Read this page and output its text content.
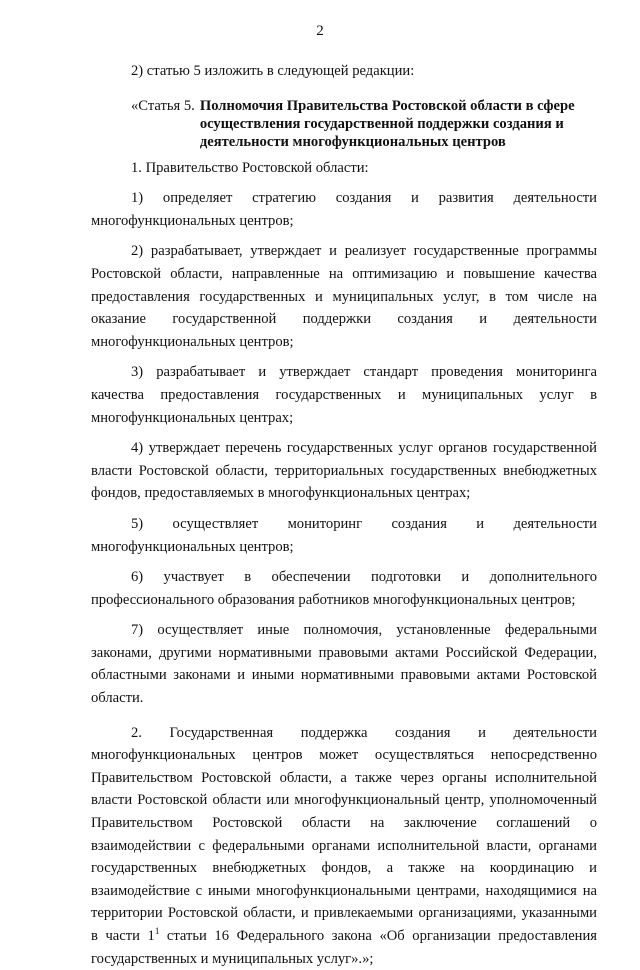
2

2) статью 5 изложить в следующей редакции:

«Статья 5. Полномочия Правительства Ростовской области в сфере осуществления государственной поддержки создания и деятельности многофункциональных центров

1. Правительство Ростовской области:

1) определяет стратегию создания и развития деятельности многофункциональных центров;

2) разрабатывает, утверждает и реализует государственные программы Ростовской области, направленные на оптимизацию и повышение качества предоставления государственных и муниципальных услуг, в том числе на оказание государственной поддержки создания и деятельности многофункциональных центров;

3) разрабатывает и утверждает стандарт проведения мониторинга качества предоставления государственных и муниципальных услуг в многофункциональных центрах;

4) утверждает перечень государственных услуг органов государственной власти Ростовской области, территориальных государственных внебюджетных фондов, предоставляемых в многофункциональных центрах;

5) осуществляет мониторинг создания и деятельности многофункциональных центров;

6) участвует в обеспечении подготовки и дополнительного профессионального образования работников многофункциональных центров;

7) осуществляет иные полномочия, установленные федеральными законами, другими нормативными правовыми актами Российской Федерации, областными законами и иными нормативными правовыми актами Ростовской области.

2. Государственная поддержка создания и деятельности многофункциональных центров может осуществляться непосредственно Правительством Ростовской области, а также через органы исполнительной власти Ростовской области или многофункциональный центр, уполномоченный Правительством Ростовской области на заключение соглашений о взаимодействии с федеральными органами исполнительной власти, органами государственных внебюджетных фондов, а также на координацию и взаимодействие с иными многофункциональными центрами, находящимися на территории Ростовской области, и привлекаемыми организациями, указанными в части $1^1$ статьи 16 Федерального закона «Об организации предоставления государственных и муниципальных услуг».»;
